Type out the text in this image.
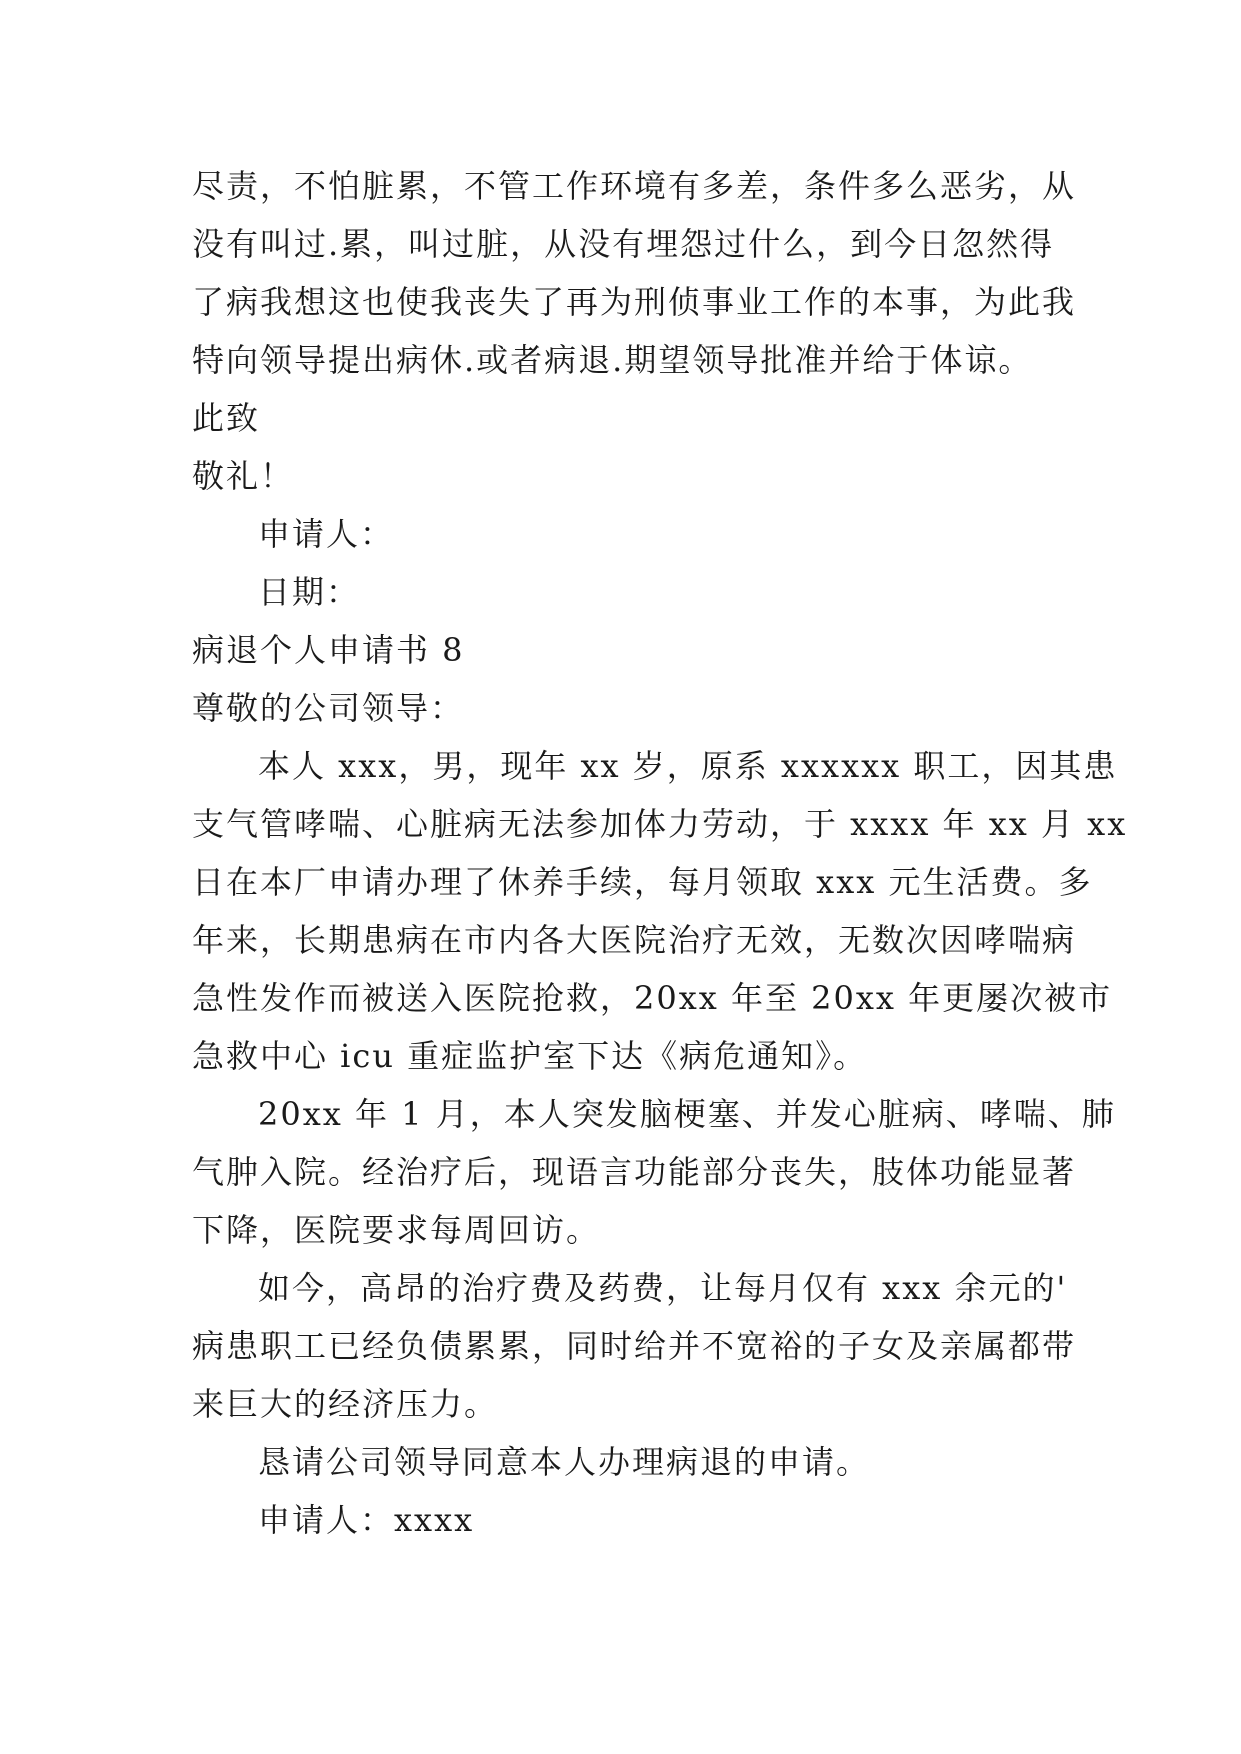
尽责，不怕脏累，不管工作环境有多差，条件多么恶劣，从
没有叫过.累，叫过脏，从没有埋怨过什么，到今日忽然得
了病我想这也使我丧失了再为刑侦事业工作的本事，为此我
特向领导提出病休.或者病退.期望领导批准并给于体谅。
此致
敬礼！
申请人：
日期：
病退个人申请书 8
尊敬的公司领导：
本人 xxx，男，现年 xx 岁，原系 xxxxxx 职工，因其患
支气管哮喘、心脏病无法参加体力劳动，于 xxxx 年 xx 月 xx
日在本厂申请办理了休养手续，每月领取 xxx 元生活费。多
年来，长期患病在市内各大医院治疗无效，无数次因哮喘病
急性发作而被送入医院抢救，20xx 年至 20xx 年更屡次被市
急救中心 icu 重症监护室下达《病危通知》。
20xx 年 1 月，本人突发脑梗塞、并发心脏病、哮喘、肺
气肿入院。经治疗后，现语言功能部分丧失，肢体功能显著
下降，医院要求每周回访。
如今，高昂的治疗费及药费，让每月仅有 xxx 余元的'
病患职工已经负债累累，同时给并不宽裕的子女及亲属都带
来巨大的经济压力。
恳请公司领导同意本人办理病退的申请。
申请人：xxxx
